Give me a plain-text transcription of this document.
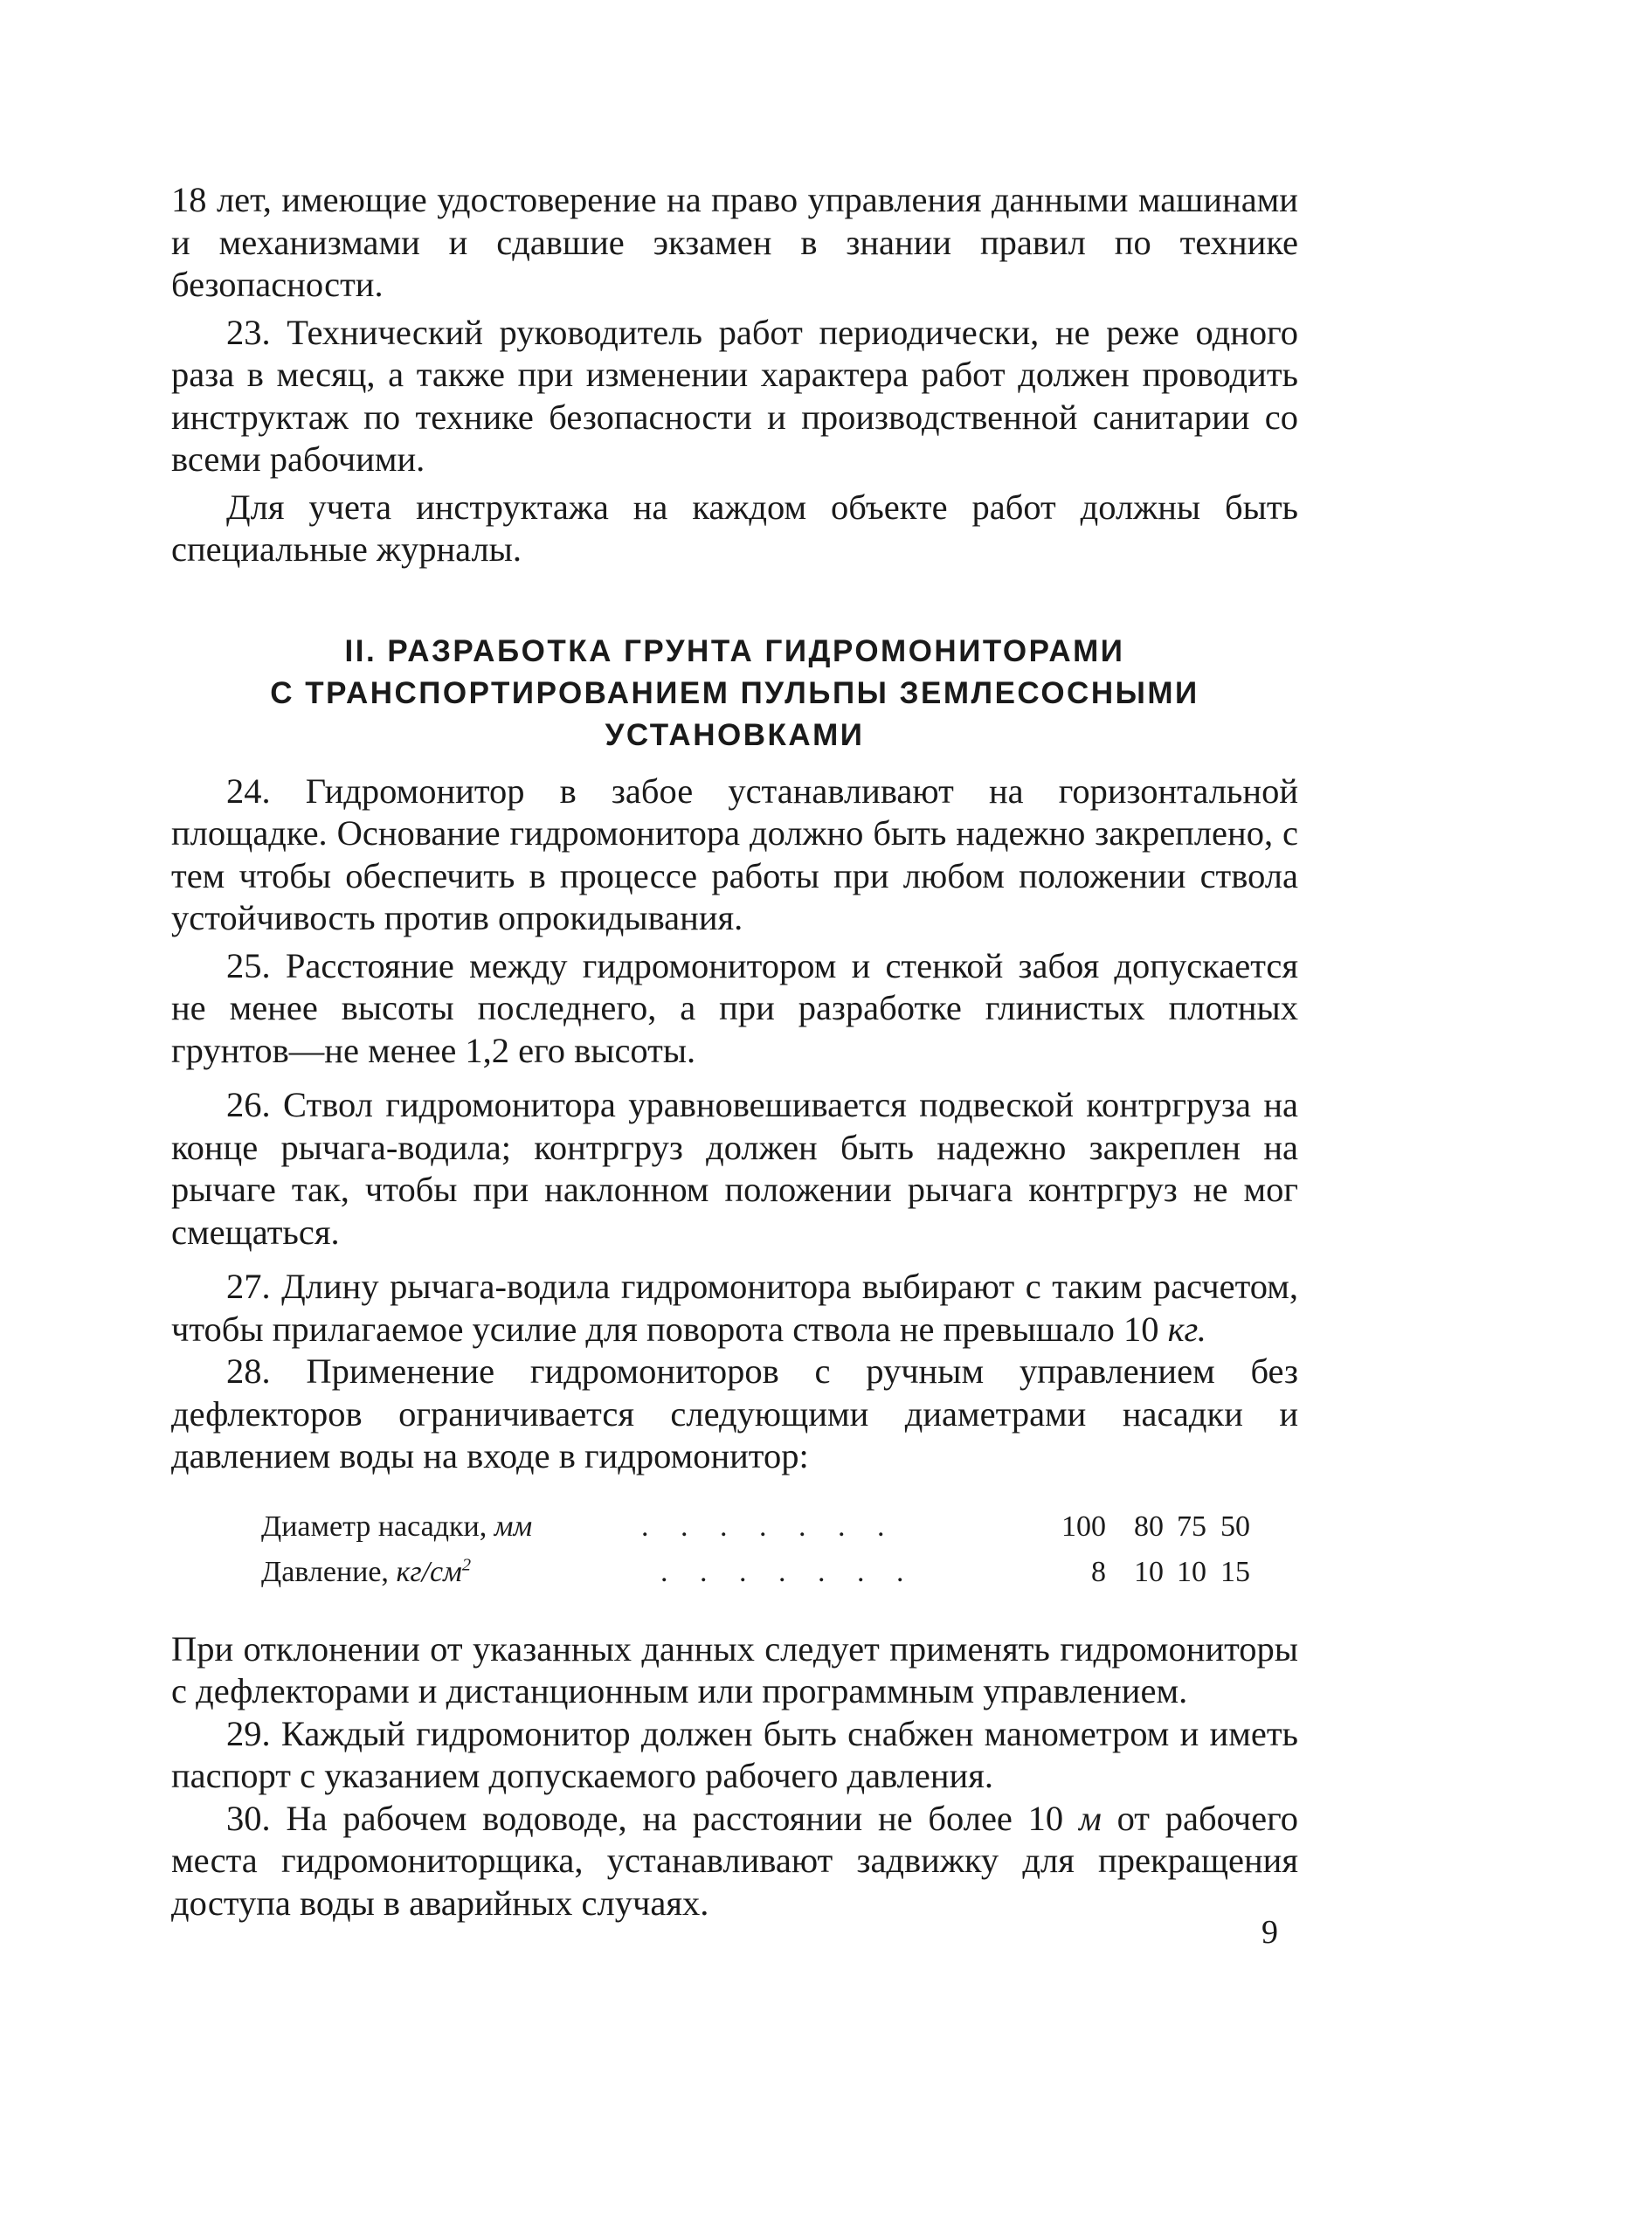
18 лет, имеющие удостоверение на право управления данными машинами и механизмами и сдавшие экзамен в знании правил по технике безопасности.

23. Технический руководитель работ периодически, не реже одного раза в месяц, а также при изменении характера работ должен проводить инструктаж по технике безопасности и производственной санитарии со всеми рабочими.

Для учета инструктажа на каждом объекте работ должны быть специальные журналы.

II. РАЗРАБОТКА ГРУНТА ГИДРОМОНИТОРАМИ
С ТРАНСПОРТИРОВАНИЕМ ПУЛЬПЫ ЗЕМЛЕСОСНЫМИ
УСТАНОВКАМИ

24. Гидромонитор в забое устанавливают на горизонтальной площадке. Основание гидромонитора должно быть надежно закреплено, с тем чтобы обеспечить в процессе работы при любом положении ствола устойчивость против опрокидывания.

25. Расстояние между гидромонитором и стенкой забоя допускается не менее высоты последнего, а при разработке глинистых плотных грунтов—не менее 1,2 его высоты.

26. Ствол гидромонитора уравновешивается подвеской контргруза на конце рычага-водила; контргруз должен быть надежно закреплен на рычаге так, чтобы при наклонном положении рычага контргруз не мог смещаться.

27. Длину рычага-водила гидромонитора выбирают с таким расчетом, чтобы прилагаемое усилие для поворота ствола не превышало 10 кг.

28. Применение гидромониторов с ручным управлением без дефлекторов ограничивается следующими диаметрами насадки и давлением воды на входе в гидромонитор:

Диаметр насадки, мм	. . . . . . .	100 80 75 50
Давление, $кг/см^2$	. . . . . . .	8 10 10 15

При отклонении от указанных данных следует применять гидромониторы с дефлекторами и дистанционным или программным управлением.

29. Каждый гидромонитор должен быть снабжен манометром и иметь паспорт с указанием допускаемого рабочего давления.

30. На рабочем водоводе, на расстоянии не более 10 м от рабочего места гидромониторщика, устанавливают задвижку для прекращения доступа воды в аварийных случаях.

9
